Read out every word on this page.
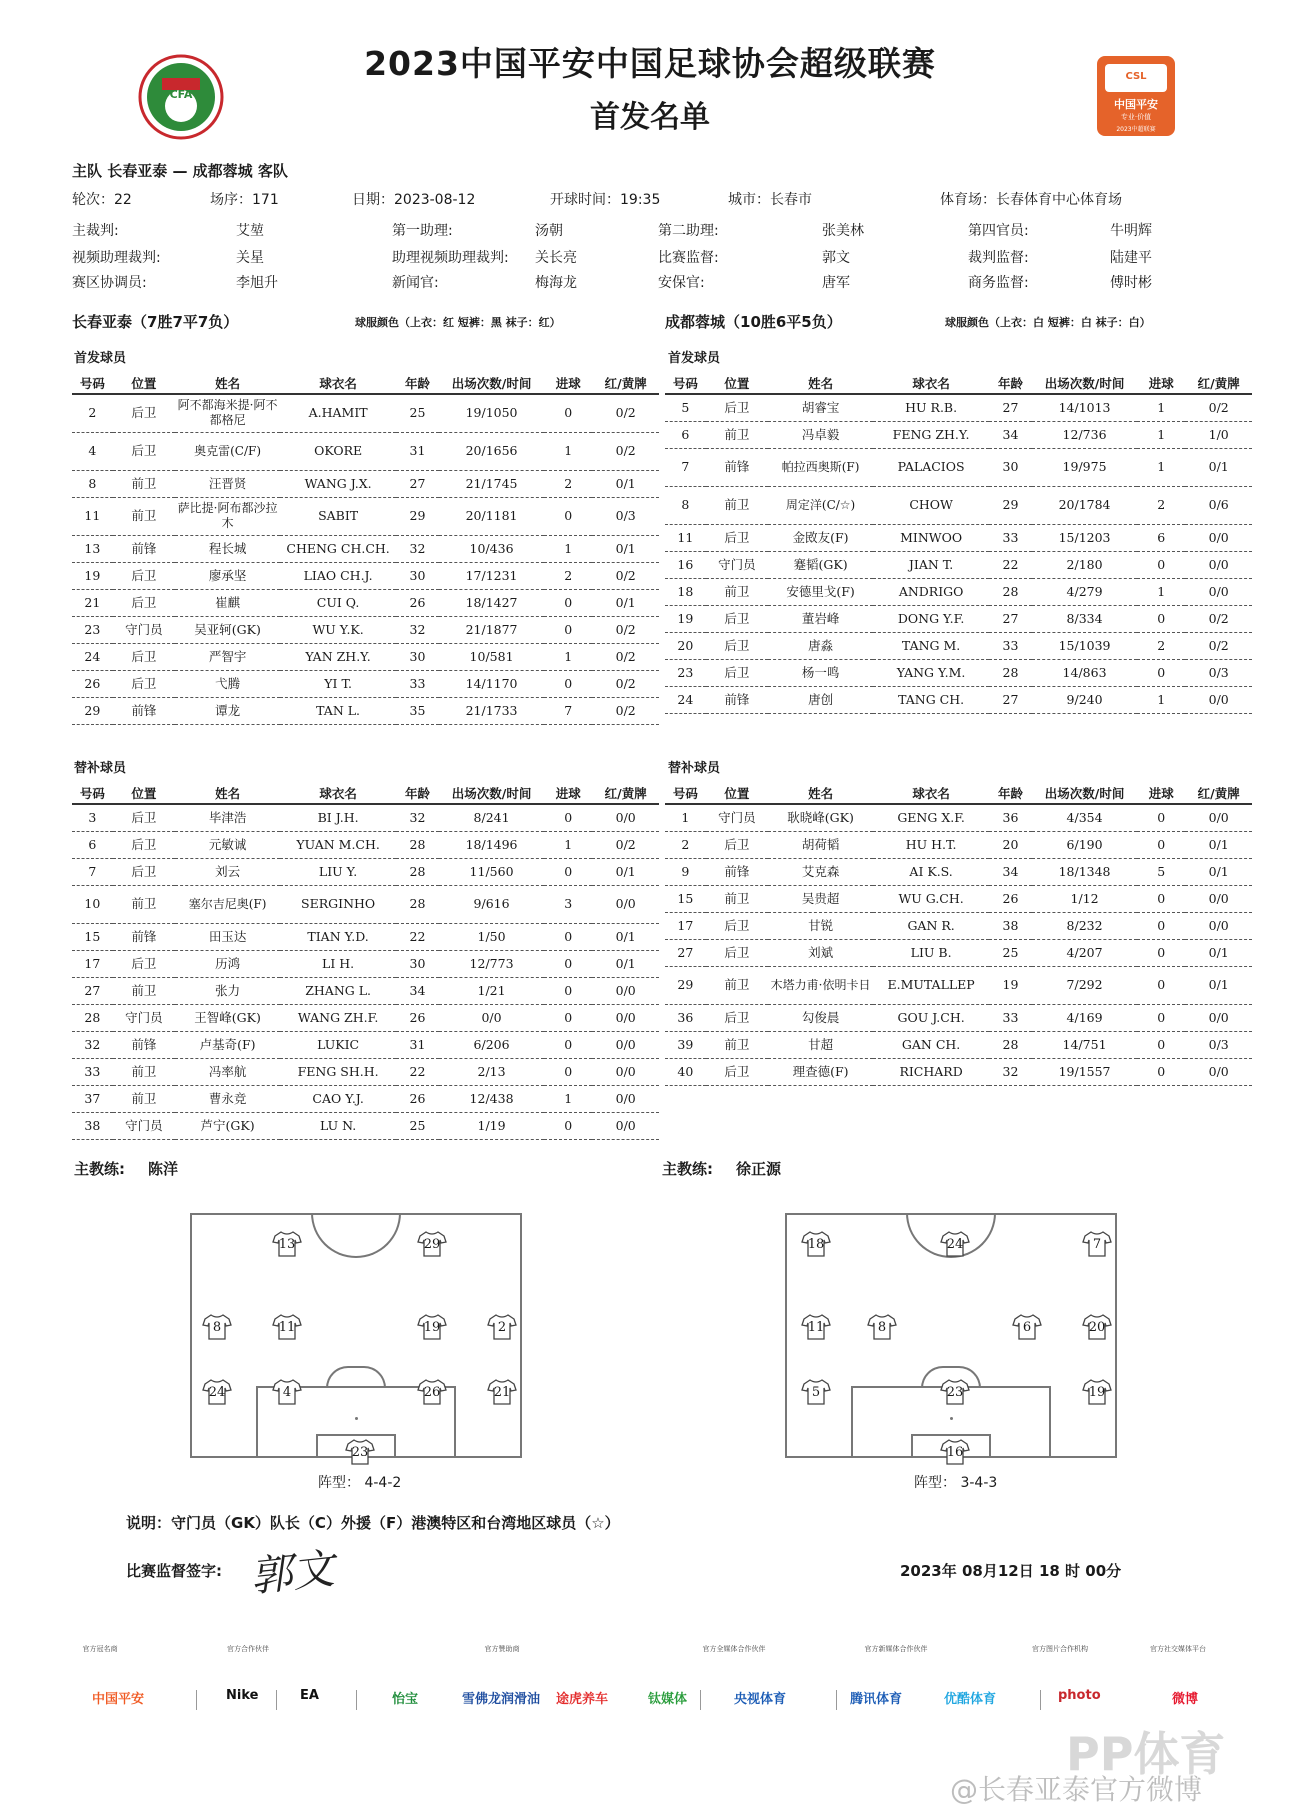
CFA
CSL
中国平安
专业·价值
2023中超联赛
2023中国平安中国足球协会超级联赛
首发名单
主队 长春亚泰 — 成都蓉城 客队
轮次：22	场序：171	日期：2023-08-12	开球时间：19:35	城市：长春市	体育场：长春体育中心体育场
主裁判:	艾堃	第一助理:	汤朝	第二助理:	张美林	第四官员:	牛明辉
视频助理裁判:	关星	助理视频助理裁判: 关长亮	比赛监督:	郭文	裁判监督:	陆建平
赛区协调员:	李旭升	新闻官:	梅海龙	安保官:	唐军	商务监督:	傅时彬
长春亚泰（7胜7平7负）	球服颜色（上衣：红 短裤：黑 袜子：红）	成都蓉城（10胜6平5负）	球服颜色（上衣：白 短裤：白 袜子：白）
首发球员	首发球员
号码	位置	姓名	球衣名	年龄	出场次数/时间	进球	红/黄牌
2	后卫	阿不都海米提·阿不都格尼	A.HAMIT	25	19/1050	0	0/2
4	后卫	奥克雷(C/F)	OKORE	31	20/1656	1	0/2
8	前卫	汪晋贤	WANG J.X.	27	21/1745	2	0/1
11	前卫	萨比提·阿布都沙拉木	SABIT	29	20/1181	0	0/3
13	前锋	程长城	CHENG CH.CH.	32	10/436	1	0/1
19	后卫	廖承坚	LIAO CH.J.	30	17/1231	2	0/2
21	后卫	崔麒	CUI Q.	26	18/1427	0	0/1
23	守门员	吴亚轲(GK)	WU Y.K.	32	21/1877	0	0/2
24	后卫	严智宇	YAN ZH.Y.	30	10/581	1	0/2
26	后卫	弋腾	YI T.	33	14/1170	0	0/2
29	前锋	谭龙	TAN L.	35	21/1733	7	0/2
号码	位置	姓名	球衣名	年龄	出场次数/时间	进球	红/黄牌
5	后卫	胡睿宝	HU R.B.	27	14/1013	1	0/2
6	前卫	冯卓毅	FENG ZH.Y.	34	12/736	1	1/0
7	前锋	帕拉西奥斯(F)	PALACIOS	30	19/975	1	0/1
8	前卫	周定洋(C/☆)	CHOW	29	20/1784	2	0/6
11	后卫	金敃友(F)	MINWOO	33	15/1203	6	0/0
16	守门员	蹇韬(GK)	JIAN T.	22	2/180	0	0/0
18	前卫	安德里戈(F)	ANDRIGO	28	4/279	1	0/0
19	后卫	董岩峰	DONG Y.F.	27	8/334	0	0/2
20	后卫	唐淼	TANG M.	33	15/1039	2	0/2
23	后卫	杨一鸣	YANG Y.M.	28	14/863	0	0/3
24	前锋	唐创	TANG CH.	27	9/240	1	0/0
替补球员	替补球员
号码	位置	姓名	球衣名	年龄	出场次数/时间	进球	红/黄牌
3	后卫	毕津浩	BI J.H.	32	8/241	0	0/0
6	后卫	元敏诚	YUAN M.CH.	28	18/1496	1	0/2
7	后卫	刘云	LIU Y.	28	11/560	0	0/1
10	前卫	塞尔吉尼奥(F)	SERGINHO	28	9/616	3	0/0
15	前锋	田玉达	TIAN Y.D.	22	1/50	0	0/1
17	后卫	历鸿	LI H.	30	12/773	0	0/1
27	前卫	张力	ZHANG L.	34	1/21	0	0/0
28	守门员	王智峰(GK)	WANG ZH.F.	26	0/0	0	0/0
32	前锋	卢基奇(F)	LUKIC	31	6/206	0	0/0
33	前卫	冯率航	FENG SH.H.	22	2/13	0	0/0
37	前卫	曹永竞	CAO Y.J.	26	12/438	1	0/0
38	守门员	芦宁(GK)	LU N.	25	1/19	0	0/0
号码	位置	姓名	球衣名	年龄	出场次数/时间	进球	红/黄牌
1	守门员	耿晓峰(GK)	GENG X.F.	36	4/354	0	0/0
2	后卫	胡荷韬	HU H.T.	20	6/190	0	0/1
9	前锋	艾克森	AI K.S.	34	18/1348	5	0/1
15	前卫	吴贵超	WU G.CH.	26	1/12	0	0/0
17	后卫	甘锐	GAN R.	38	8/232	0	0/0
27	后卫	刘斌	LIU B.	25	4/207	0	0/1
29	前卫	木塔力甫·依明卡日	E.MUTALLEP	19	7/292	0	0/1
36	后卫	勾俊晨	GOU J.CH.	33	4/169	0	0/0
39	前卫	甘超	GAN CH.	28	14/751	0	0/3
40	后卫	理查德(F)	RICHARD	32	19/1557	0	0/0
主教练: 陈洋	主教练: 徐正源
13	29
8	11	19	2
24	4	26	21
23
18	24	7
11	8	6	20
5	23	19
16
阵型： 4-4-2	阵型： 3-4-3
说明：守门员（GK）队长（C）外援（F）港澳特区和台湾地区球员（☆）
比赛监督签字: 郭文	2023年 08月12日 18 时 00分
官方冠名商	官方合作伙伴	官方赞助商	官方全媒体合作伙伴	官方新媒体合作伙伴	官方图片合作机构	官方社交媒体平台
中国平安	Nike	EA	怡宝	雪佛龙润滑油 途虎养车	钛媒体	央视体育	腾讯体育	优酷体育	photo	微博
PP体育
@长春亚泰官方微博
